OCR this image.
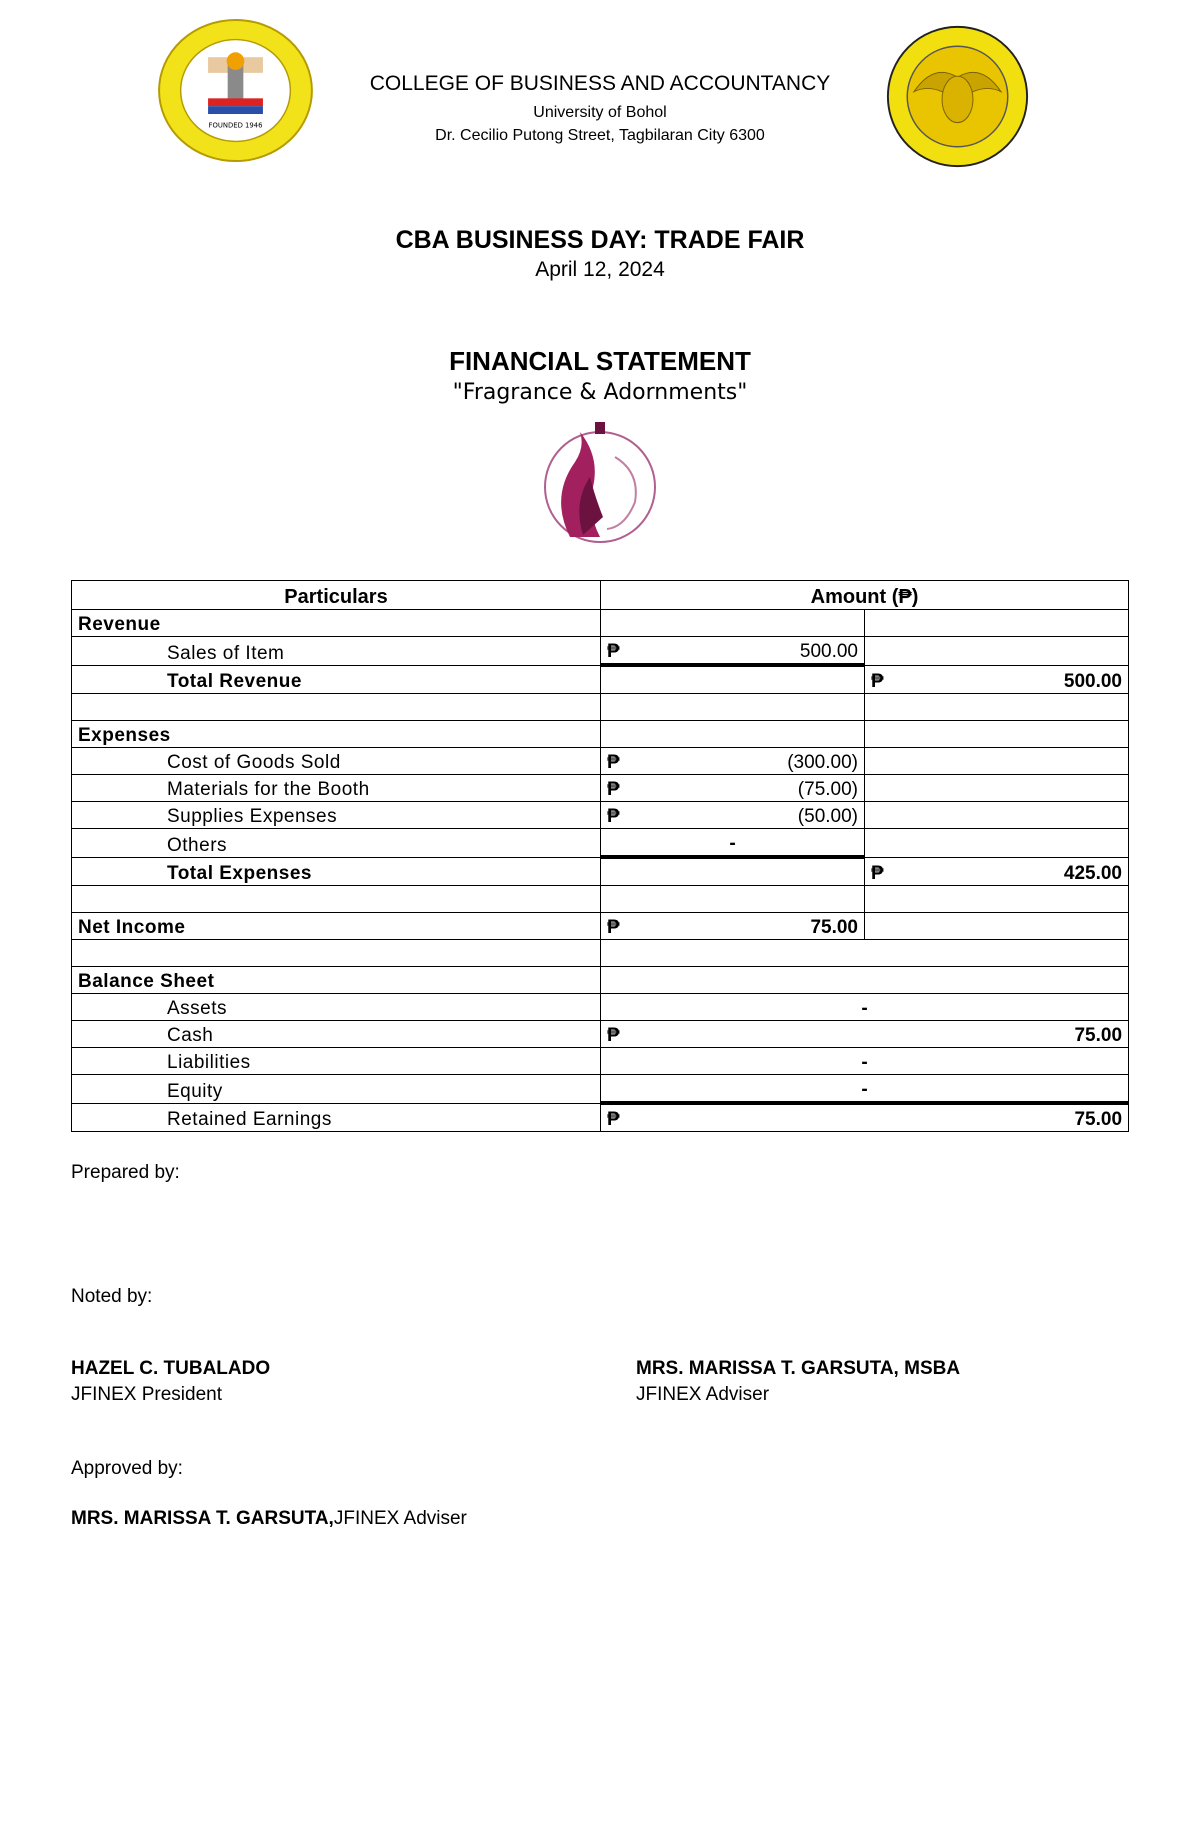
FOUNDED 1946
COLLEGE OF BUSINESS AND ACCOUNTANCY
University of Bohol
Dr. Cecilio Putong Street, Tagbilaran City 6300
CBA BUSINESS DAY: TRADE FAIR
April 12, 2024
FINANCIAL STATEMENT
"Fragrance & Adornments"
Particulars	Amount (₱)	
Revenue		
Sales of Item	₱ 500.00	

Total Revenue		₱ 500.00

Expenses		
Cost of Goods Sold	₱ (300.00)	

Materials for the Booth	₱ (75.00)	

Supplies Expenses	₱ (50.00)	

Others	-	
Total Expenses		₱ 425.00

Net Income	₱ 75.00	

Balance Sheet		
Assets	-	
Cash	₱ 75.00	

Liabilities	-	
Equity	-	
Retained Earnings	₱ 75.00	
Prepared by:
Noted by:
HAZEL C. TUBALADO
JFINEX President
MRS. MARISSA T. GARSUTA, MSBA
JFINEX Adviser
Approved by:
MRS. MARISSA T. GARSUTA,JFINEX Adviser
